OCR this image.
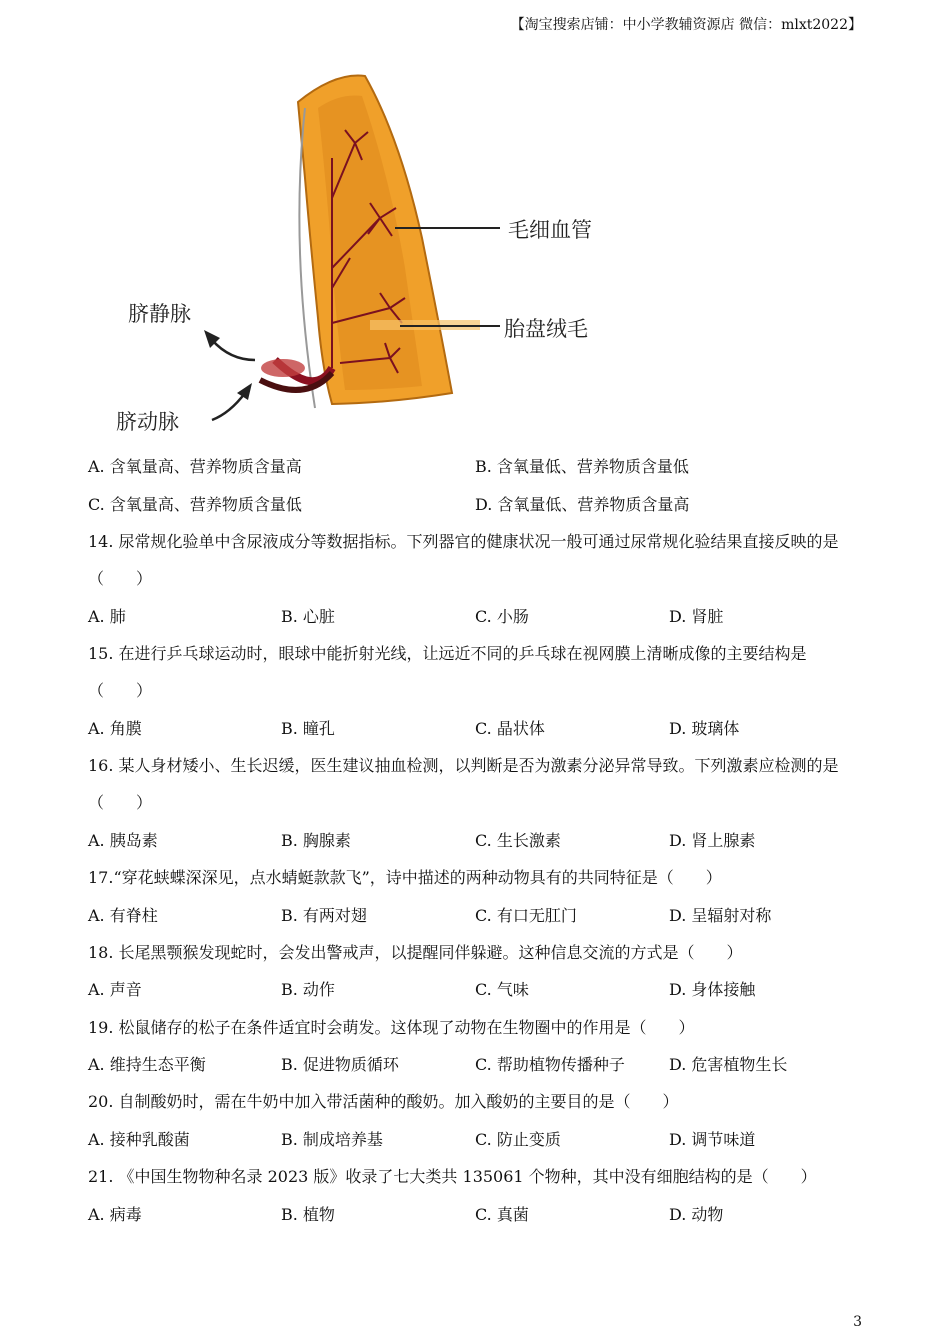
【淘宝搜索店铺：中小学教辅资源店 微信：mlxt2022】
毛细血管
胎盘绒毛
脐静脉
脐动脉
A. 含氧量高、营养物质含量高	B. 含氧量低、营养物质含量低
C. 含氧量高、营养物质含量低	D. 含氧量低、营养物质含量高
14. 尿常规化验单中含尿液成分等数据指标。下列器官的健康状况一般可通过尿常规化验结果直接反映的是
（　　）
A. 肺	B. 心脏	C. 小肠	D. 肾脏
15. 在进行乒乓球运动时，眼球中能折射光线，让远近不同的乒乓球在视网膜上清晰成像的主要结构是
（　　）
A. 角膜	B. 瞳孔	C. 晶状体	D. 玻璃体
16. 某人身材矮小、生长迟缓，医生建议抽血检测，以判断是否为激素分泌异常导致。下列激素应检测的是
（　　）
A. 胰岛素	B. 胸腺素	C. 生长激素	D. 肾上腺素
17.“穿花蛱蝶深深见，点水蜻蜓款款飞”，诗中描述的两种动物具有的共同特征是（　　）
A. 有脊柱	B. 有两对翅	C. 有口无肛门	D. 呈辐射对称
18. 长尾黑颚猴发现蛇时，会发出警戒声，以提醒同伴躲避。这种信息交流的方式是（　　）
A. 声音	B. 动作	C. 气味	D. 身体接触
19. 松鼠储存的松子在条件适宜时会萌发。这体现了动物在生物圈中的作用是（　　）
A. 维持生态平衡	B. 促进物质循环	C. 帮助植物传播种子	D. 危害植物生长
20. 自制酸奶时，需在牛奶中加入带活菌种的酸奶。加入酸奶的主要目的是（　　）
A. 接种乳酸菌	B. 制成培养基	C. 防止变质	D. 调节味道
21. 《中国生物物种名录 2023 版》收录了七大类共 135061 个物种，其中没有细胞结构的是（　　）
A. 病毒	B. 植物	C. 真菌	D. 动物
3
